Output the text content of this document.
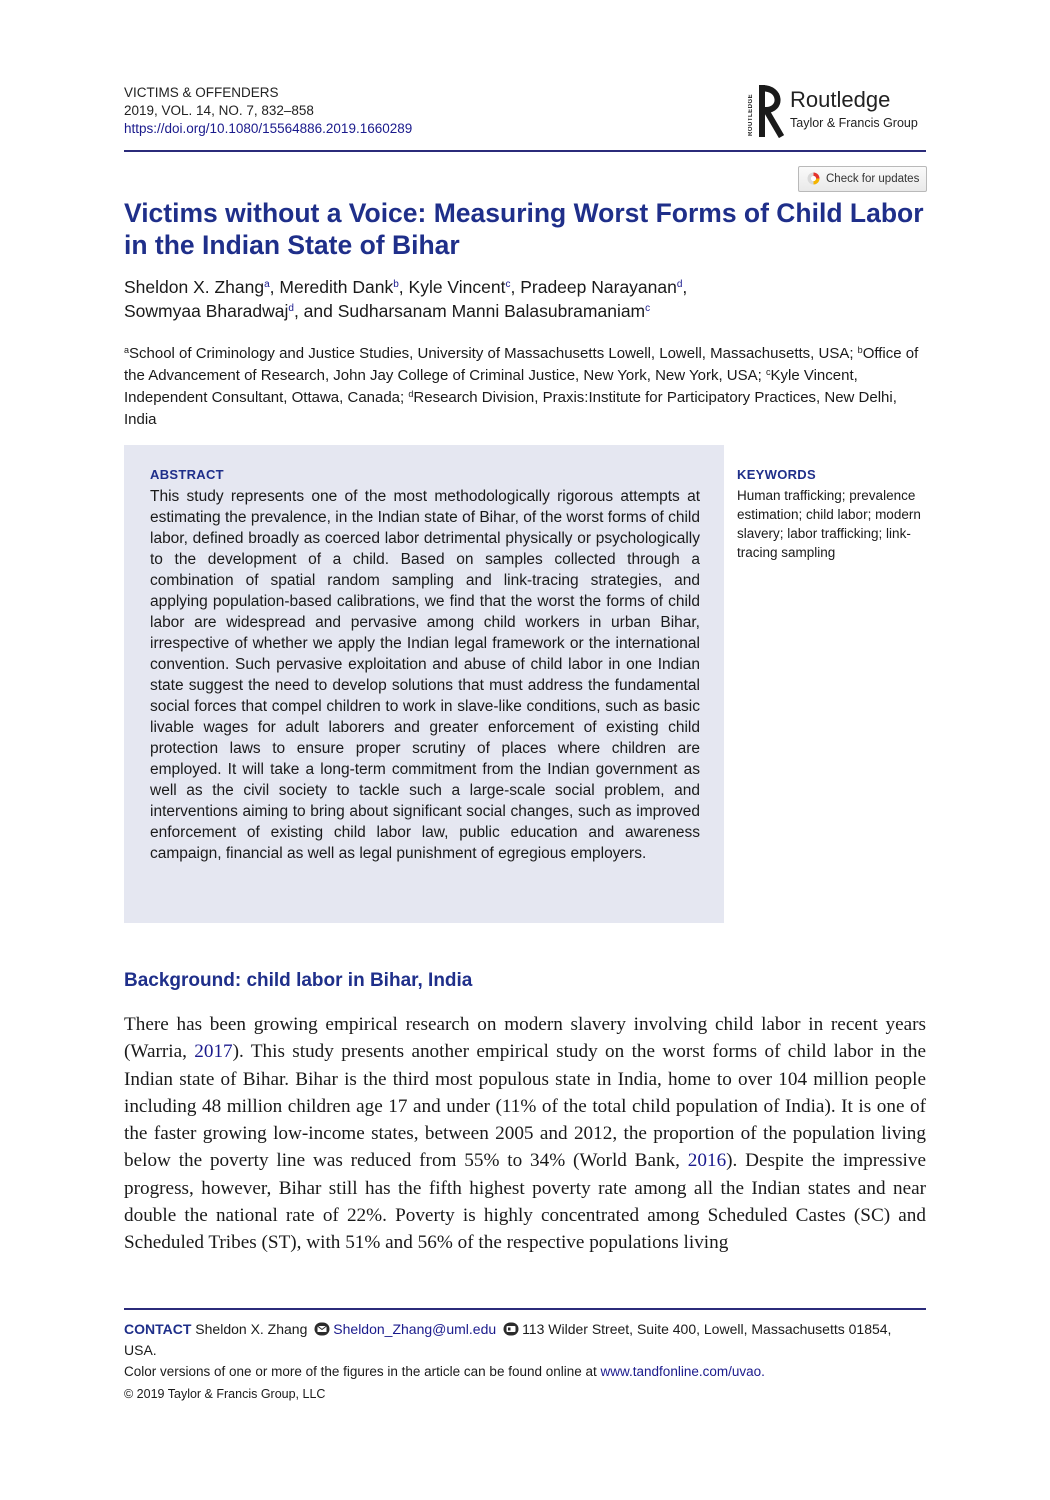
VICTIMS & OFFENDERS
2019, VOL. 14, NO. 7, 832–858
https://doi.org/10.1080/15564886.2019.1660289	ROUTLEDGE Routledge
Taylor & Francis Group
Check for updates
Victims without a Voice: Measuring Worst Forms of Child Labor in the Indian State of Bihar
Sheldon X. Zhang$^a$, Meredith Dank$^b$, Kyle Vincent$^c$, Pradeep Narayanan$^d$,
Sowmyaa Bharadwaj$^d$, and Sudharsanam Manni Balasubramaniam$^c$
$^a$School of Criminology and Justice Studies, University of Massachusetts Lowell, Lowell, Massachusetts, USA; $^b$Office of the Advancement of Research, John Jay College of Criminal Justice, New York, New York, USA; $^c$Kyle Vincent, Independent Consultant, Ottawa, Canada; $^d$Research Division, Praxis:Institute for Participatory Practices, New Delhi, India
ABSTRACT
This study represents one of the most methodologically rigorous attempts at estimating the prevalence, in the Indian state of Bihar, of the worst forms of child labor, defined broadly as coerced labor detrimental physically or psychologically to the development of a child. Based on samples collected through a combination of spatial random sampling and link-tracing strategies, and applying population-based calibrations, we find that the worst the forms of child labor are widespread and pervasive among child workers in urban Bihar, irrespective of whether we apply the Indian legal framework or the international convention. Such pervasive exploitation and abuse of child labor in one Indian state suggest the need to develop solutions that must address the fundamental social forces that compel children to work in slave-like conditions, such as basic livable wages for adult laborers and greater enforcement of existing child protection laws to ensure proper scrutiny of places where children are employed. It will take a long-term commitment from the Indian government as well as the civil society to tackle such a large-scale social problem, and interventions aiming to bring about significant social changes, such as improved enforcement of existing child labor law, public education and awareness campaign, financial as well as legal punishment of egregious employers.
KEYWORDS
Human trafficking; prevalence estimation; child labor; modern slavery; labor trafficking; link-tracing sampling
Background: child labor in Bihar, India
There has been growing empirical research on modern slavery involving child labor in recent years (Warria, 2017). This study presents another empirical study on the worst forms of child labor in the Indian state of Bihar. Bihar is the third most populous state in India, home to over 104 million people including 48 million children age 17 and under (11% of the total child population of India). It is one of the faster growing low-income states, between 2005 and 2012, the proportion of the population living below the poverty line was reduced from 55% to 34% (World Bank, 2016). Despite the impressive progress, however, Bihar still has the fifth highest poverty rate among all the Indian states and near double the national rate of 22%. Poverty is highly concentrated among Scheduled Castes (SC) and Scheduled Tribes (ST), with 51% and 56% of the respective populations living
CONTACT Sheldon X. Zhang Sheldon_Zhang@uml.edu 113 Wilder Street, Suite 400, Lowell, Massachusetts 01854, USA.
Color versions of one or more of the figures in the article can be found online at www.tandfonline.com/uvao.
© 2019 Taylor & Francis Group, LLC
